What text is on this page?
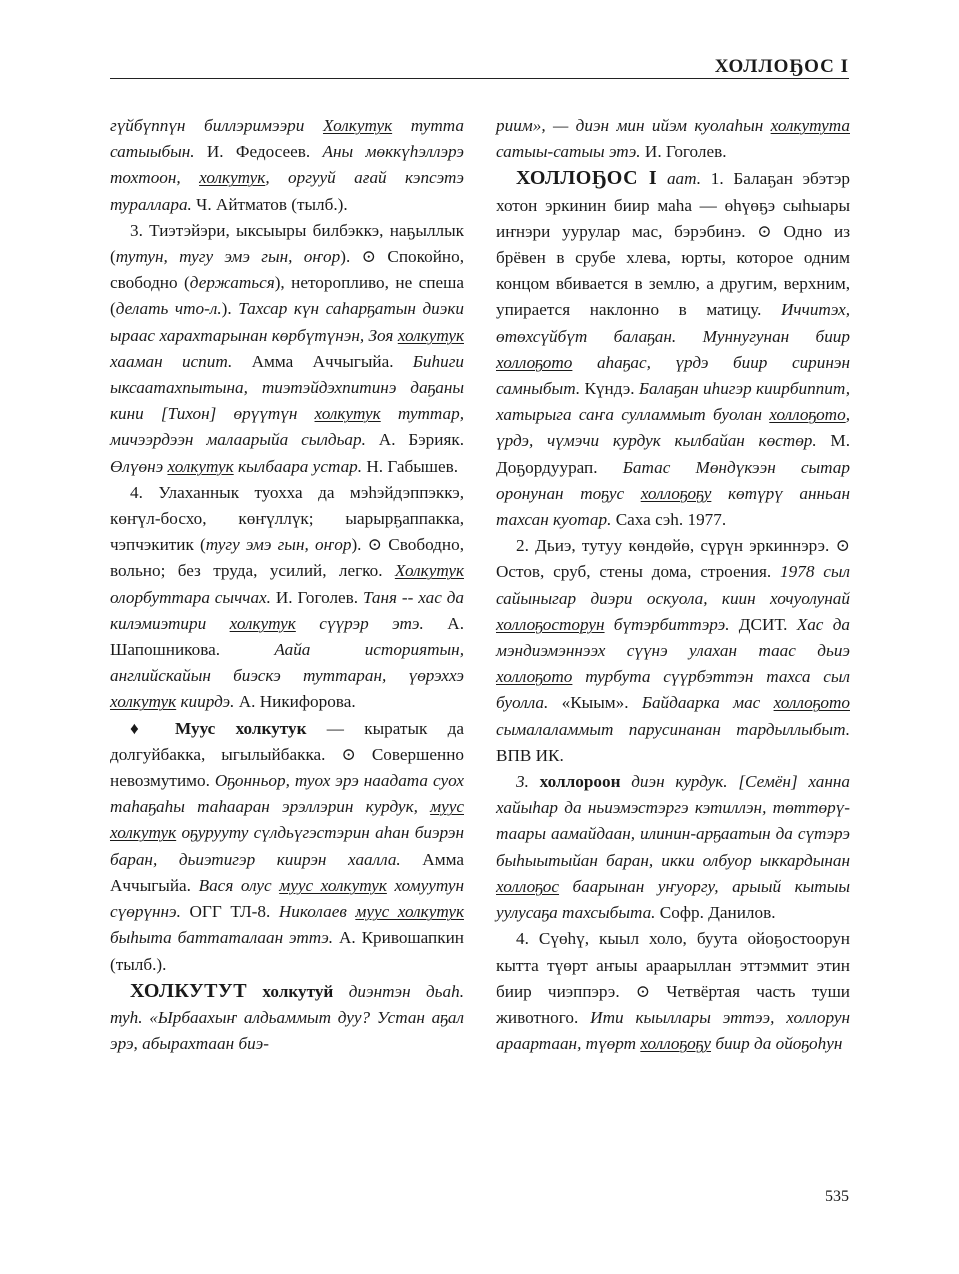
ХОЛЛОҔОС I

гүйбүппүн биллэримээри Холкутук тутта сатыыбын. И. Федосеев. Аны мөккүһэллэрэ тохтоон, холкутук, оргууй ағай кэпсэтэ тураллара. Ч. Айтматов (тылб.).

3. Тиэтэйэри, ыксыыры билбэккэ, наҕыллык (тутун, тугу эмэ гын, оҥор). ⊙ Спокойно, свободно (держаться), неторопливо, не спеша (делать что-л.). Тахсар күн саһарҕатын диэки ырaас харахтарынан көрбүтүнэн, Зоя холкутук хааман испит. Амма Аччыгыйа. Биһиги ыксаатахпытына, тиэтэйдэхпитинэ даҕаны кини [Тихон] өрүүтүн холкутук туттар, мичээрдээн малаарыйа сылдьар. А. Бэрияк. Өлүөнэ холкутук кылбаара устар. Н. Габышев.

4. Улаханнык туохха да мэһэйдэппэккэ, көҥүл-босхо, көҥүллүк; ыарырҕаппакка, чэпчэкитик (тугу эмэ гын, оҥор). ⊙ Свободно, вольно; без труда, усилий, легко. Холкутук олорбуттара сыччах. И. Гоголев. Таня -- хас да килэмиэтири холкутук сүүрэр этэ. А. Шапошникова. Аайа историятын, английскайын биэскэ туттаран, үөрэххэ холкутук киирдэ. А. Никифорова.

♦ Муус холкутук — кыратык да долгуйбакка, ыгылыйбакка. ⊙ Совершенно невозмутимо. Оҕонньор, туох эрэ наадата суох таһаҕаһы таһааран эрэллэрин курдук, муус холкутук оҕурууту сүлдьүгэстэрин аһан биэрэн баран, дьиэтигэр киирэн хаалла. Амма Аччыгыйа. Вася олус муус холкутук хомуутун сүөрүннэ. ОГГ ТЛ-8. Николаев муус холкутук быһыта баттаталаан эттэ. А. Кривошапкин (тылб.).

ХОЛКУТУТ холкутуй диэнтэн дьаһ. туһ. «Ырбаахыҥ алдьаммыт дуу? Устан аҕал эрэ, абырахтаан биэ-

риим», — диэн мин ийэм куолаһын холкутута сатыы-сатыы этэ. И. Гоголев.

ХОЛЛОҔОС I аат. 1. Балаҕан эбэтэр хотон эркинин биир маһа — өһүөҕэ сыһыары иҥнэри уурулар мас, бэрэбинэ. ⊙ Одно из брёвен в срубе хлева, юрты, которое одним концом вбивается в землю, а другим, верхним, упирается наклонно в матицу. Иччитэх, өтөхсүйбүт балаҕан. Муннугунан биир холлоҕото аһаҕас, үрдэ биир сиринэн самныбыт. Күндэ. Балаҕан иһигэр киирбиппит, хатырыга саҥа сулламмыт буолан холлоҕото, үрдэ, чүмэчи курдук кылбайан көстөр. М. Доҕордуурап. Батас Мөндүкээн сытар оронунан тоҕус холлоҕоҕу көтүрү анньан тахсан куотар. Саха сэһ. 1977.

2. Дьиэ, тутуу көндөйө, сүрүн эркиннэрэ. ⊙ Остов, сруб, стены дома, строения. 1978 сыл сайыныгар диэри оскуола, киин хочуолунай холлоҕосторун бүтэрбиттэрэ. ДСИТ. Хас да мэндиэмэннээх сүүнэ улахан таас дьиэ холлоҕото турбута сүүрбэттэн тахса сыл буолла. «Кыым». Байдаарка мас холлоҕото сымалаламмыт парусинанан тардыллыбыт. ВПВ ИК.

3. холлороон диэн курдук. [Семён] ханна хайыһар да ньиэмэстэргэ кэтиллэн, төттөрү-таары аамайдаан, илинин-арҕаатын да сүтэрэ быһыытыйан баран, икки олбуор ыккардынан холлоҕос баарынан уҥуоргу, арыый кытыы уулусаҕа тахсыбыта. Софр. Данилов.

4. Сүөһү, кыыл холо, буута ойоҕостоорун кытта түөрт аҥыы араарыллан эттэммит этин биир чиэппэрэ. ⊙ Четвёртая часть туши животного. Ити кыыллары эттээ, холлорун араартаан, түөрт холлоҕоҕу биир да ойоҕоһун

535
